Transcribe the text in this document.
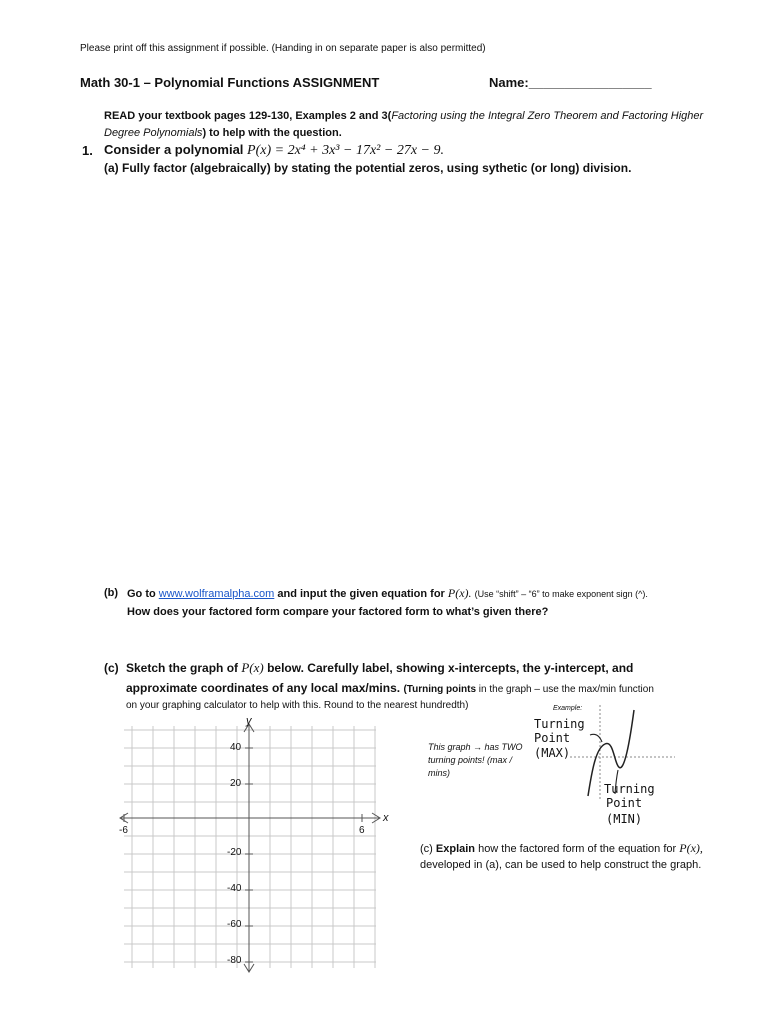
Please print off this assignment if possible. (Handing in on separate paper is also permitted)
Math 30-1 – Polynomial Functions ASSIGNMENT	Name:_________________
READ your textbook pages 129-130, Examples 2 and 3(Factoring using the Integral Zero Theorem and Factoring Higher Degree Polynomials) to help with the question.
1. Consider a polynomial P(x) = 2x⁴ + 3x³ − 17x² − 27x − 9.
(a) Fully factor (algebraically) by stating the potential zeros, using sythetic (or long) division.
(b) Go to www.wolframalpha.com and input the given equation for P(x). (Use “shift” – “6” to make exponent sign (^).
How does your factored form compare your factored form to what’s given there?
(c) Sketch the graph of P(x) below. Carefully label, showing x-intercepts, the y-intercept, and
approximate coordinates of any local max/mins. (Turning points in the graph – use the max/min function
on your graphing calculator to help with this. Round to the nearest hundredth)
y
x
-6	6
40
20
-20
-40
-60
-80
Example:
This graph → has TWO turning points! (max / mins)
Turning
Point
(MAX)
Turning
Point
(MIN)
(c) Explain how the factored form of the equation for P(x),
developed in (a), can be used to help construct the graph.
